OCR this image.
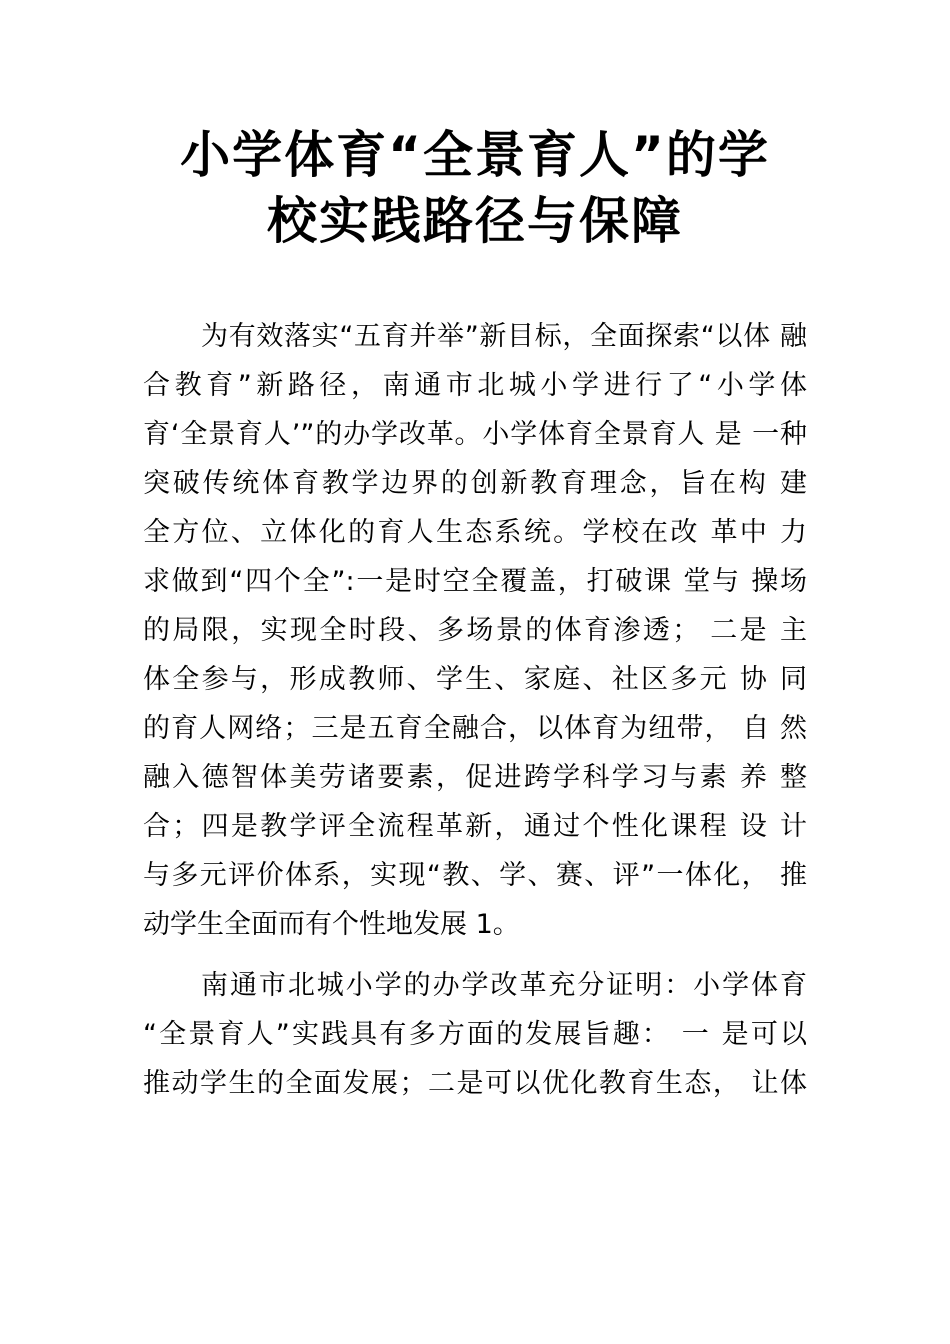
小学体育“全景育人”的学
校实践路径与保障

为有效落实“五育并举”新目标，全面探索“以体 融
合教育”新路径，南通市北城小学进行了“小学体
育‘全景育人’”的办学改革。小学体育全景育人 是 一种
突破传统体育教学边界的创新教育理念，旨在构 建
全方位、立体化的育人生态系统。学校在改 革中 力
求做到“四个全”:一是时空全覆盖，打破课 堂与 操场
的局限，实现全时段、多场景的体育渗透； 二是 主
体全参与，形成教师、学生、家庭、社区多元 协 同
的育人网络；三是五育全融合，以体育为纽带， 自 然
融入德智体美劳诸要素，促进跨学科学习与素 养 整
合；四是教学评全流程革新，通过个性化课程 设 计
与多元评价体系，实现“教、学、赛、评”一体化， 推
动学生全面而有个性地发展 1。

南通市北城小学的办学改革充分证明：小学体育
“全景育人”实践具有多方面的发展旨趣： 一 是可以
推动学生的全面发展；二是可以优化教育生态， 让体
